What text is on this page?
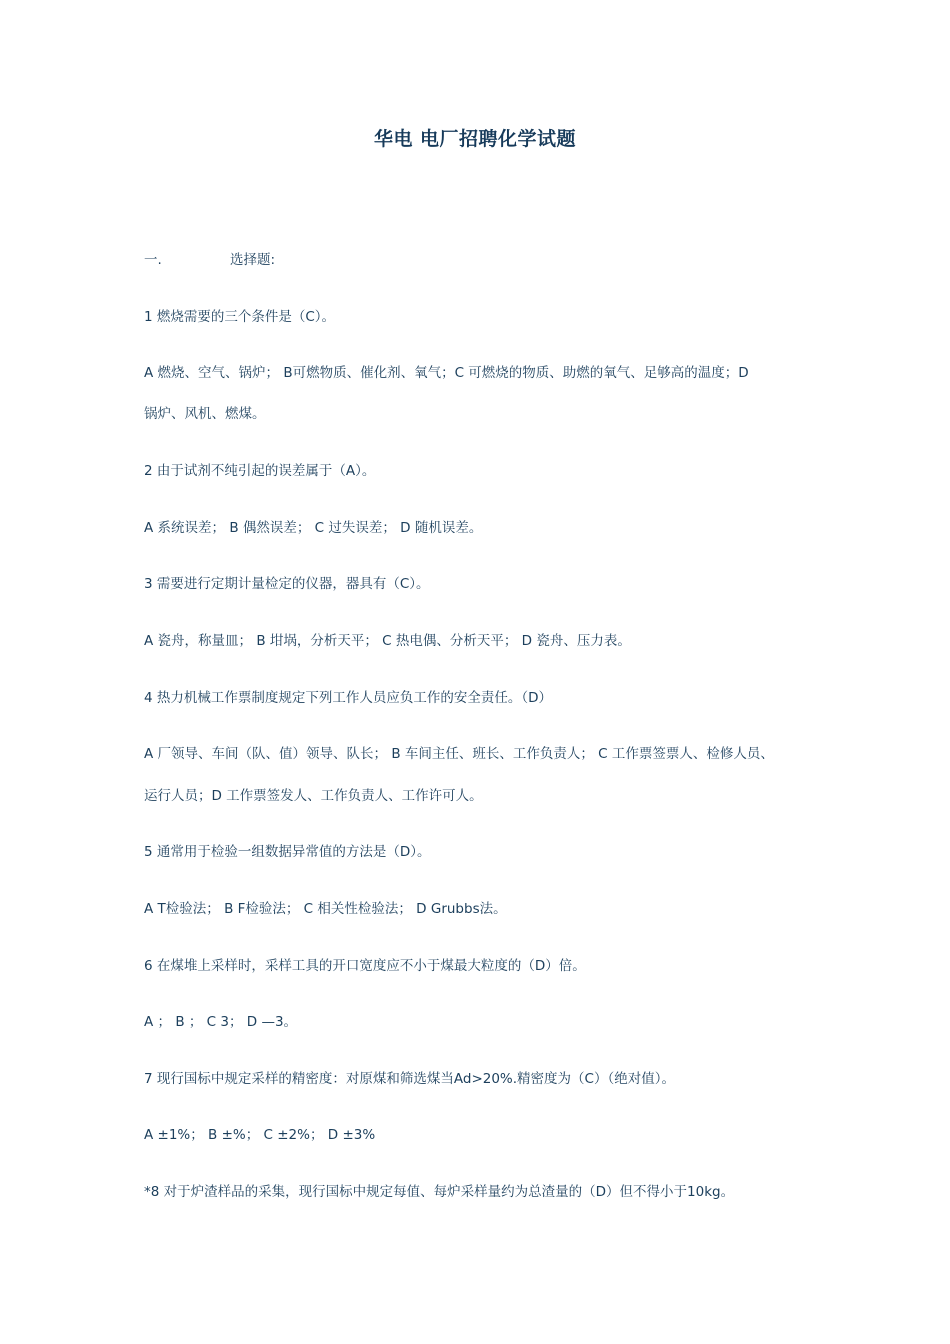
华电 电厂招聘化学试题
一.	选择题:
1 燃烧需要的三个条件是（C）。
A 燃烧、空气、锅炉； B可燃物质、催化剂、氧气；C 可燃烧的物质、助燃的氧气、足够高的温度；D
锅炉、风机、燃煤。
2 由于试剂不纯引起的误差属于（A）。
A 系统误差； B 偶然误差； C 过失误差； D 随机误差。
3 需要进行定期计量检定的仪器，器具有（C）。
A 瓷舟，称量皿； B 坩埚，分析天平； C 热电偶、分析天平； D 瓷舟、压力表。
4 热力机械工作票制度规定下列工作人员应负工作的安全责任。（D）
A 厂领导、车间（队、值）领导、队长； B 车间主任、班长、工作负责人； C 工作票签票人、检修人员、
运行人员；D 工作票签发人、工作负责人、工作许可人。
5 通常用于检验一组数据异常值的方法是（D）。
A T检验法； B F检验法； C 相关性检验法； D Grubbs法。
6 在煤堆上采样时，采样工具的开口宽度应不小于煤最大粒度的（D）倍。
A ； B ； C 3； D —3。
7 现行国标中规定采样的精密度：对原煤和筛选煤当Ad>20%.精密度为（C）（绝对值）。
A ±1%； B ±%； C ±2%； D ±3%
*8 对于炉渣样品的采集，现行国标中规定每值、每炉采样量约为总渣量的（D）但不得小于10kg。
